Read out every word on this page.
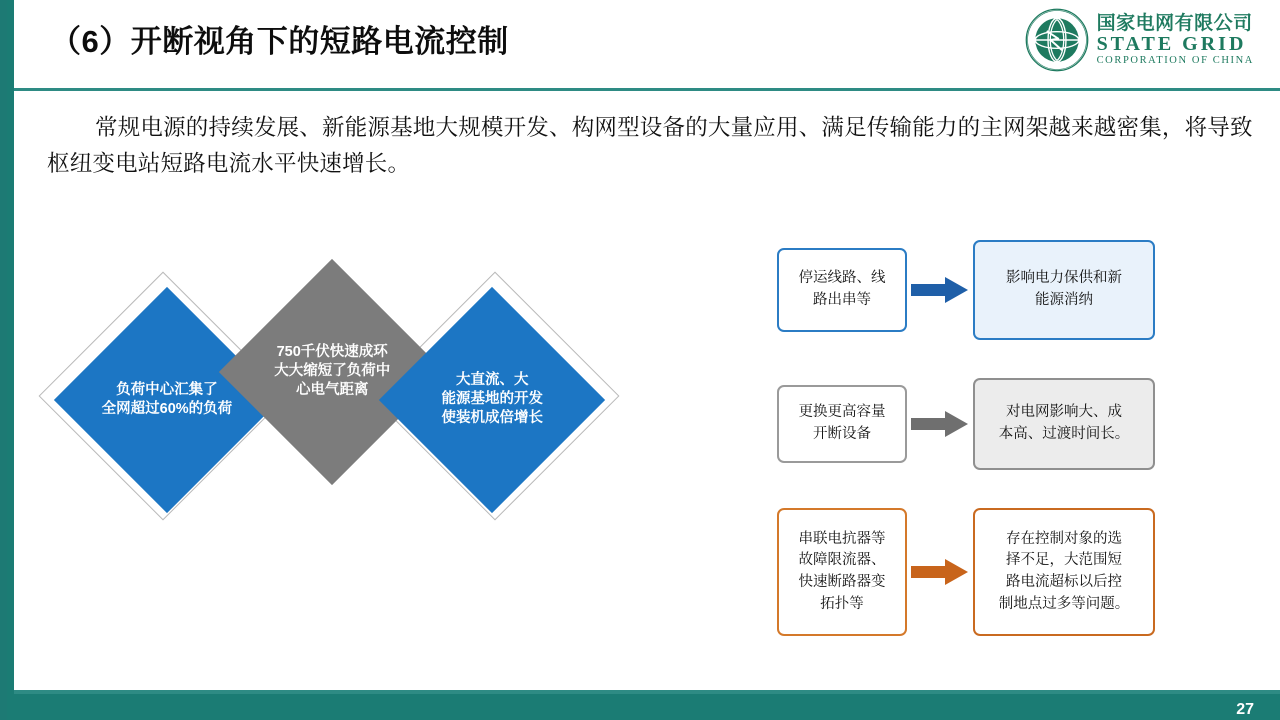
（6）开断视角下的短路电流控制
国家电网有限公司
STATE GRID
CORPORATION OF CHINA
常规电源的持续发展、新能源基地大规模开发、构网型设备的大量应用、满足传输能力的主网架越来越密集，将导致枢纽变电站短路电流水平快速增长。
负荷中心汇集了
全网超过60%的负荷
750千伏快速成环
大大缩短了负荷中
心电气距离
大直流、大
能源基地的开发
使装机成倍增长
停运线路、线
路出串等
影响电力保供和新
能源消纳
更换更高容量
开断设备
对电网影响大、成
本高、过渡时间长。
串联电抗器等
故障限流器、
快速断路器变
拓扑等
存在控制对象的选
择不足，大范围短
路电流超标以后控
制地点过多等问题。
27
